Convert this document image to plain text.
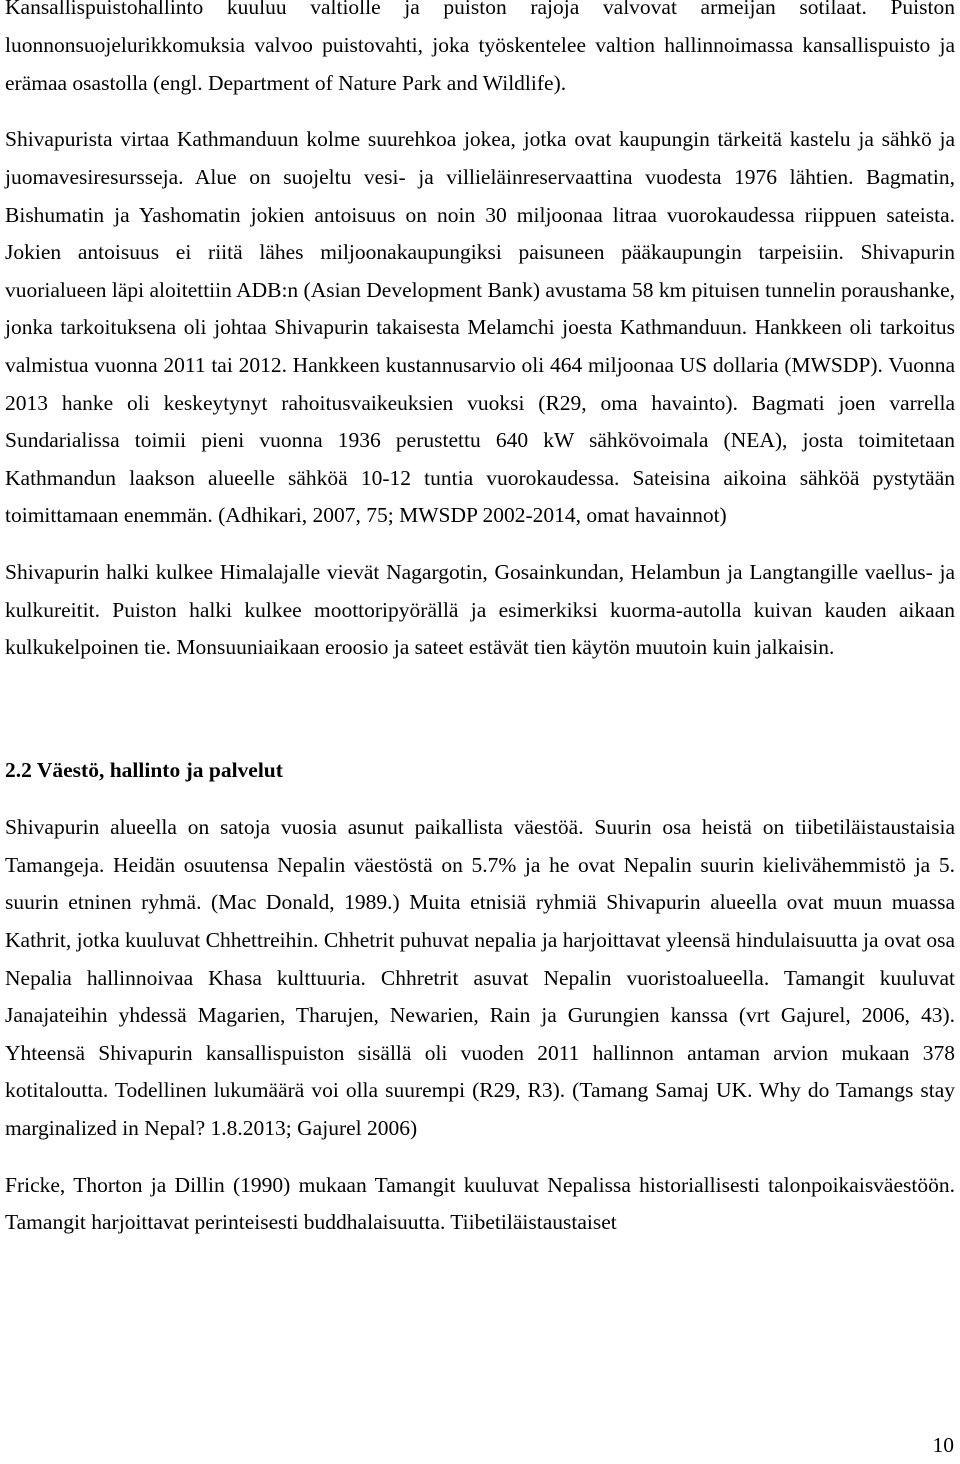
Kansallispuistohallinto kuuluu valtiolle ja puiston rajoja valvovat armeijan sotilaat. Puiston luonnonsuojelurikkomuksia valvoo puistovahti, joka työskentelee valtion hallinnoimassa kansallispuisto ja erämaa osastolla (engl. Department of Nature Park and Wildlife).

Shivapurista virtaa Kathmanduun kolme suurehkoa jokea, jotka ovat kaupungin tärkeitä kastelu ja sähkö ja juomavesiresursseja. Alue on suojeltu vesi- ja villieläinreservaattina vuodesta 1976 lähtien. Bagmatin, Bishumatin ja Yashomatin jokien antoisuus on noin 30 miljoonaa litraa vuorokaudessa riippuen sateista. Jokien antoisuus ei riitä lähes miljoonakaupungiksi paisuneen pääkaupungin tarpeisiin. Shivapurin vuorialueen läpi aloitettiin ADB:n (Asian Development Bank) avustama 58 km pituisen tunnelin poraushanke, jonka tarkoituksena oli johtaa Shivapurin takaisesta Melamchi joesta Kathmanduun. Hankkeen oli tarkoitus valmistua vuonna 2011 tai 2012. Hankkeen kustannusarvio oli 464 miljoonaa US dollaria (MWSDP). Vuonna 2013 hanke oli keskeytynyt rahoitusvaikeuksien vuoksi (R29, oma havainto). Bagmati joen varrella Sundarialissa toimii pieni vuonna 1936 perustettu 640 kW sähkövoimala (NEA), josta toimitetaan Kathmandun laakson alueelle sähköä 10-12 tuntia vuorokaudessa. Sateisina aikoina sähköä pystytään toimittamaan enemmän. (Adhikari, 2007, 75; MWSDP 2002-2014, omat havainnot)

Shivapurin halki kulkee Himalajalle vievät Nagargotin, Gosainkundan, Helambun ja Langtangille vaellus- ja kulkureitit. Puiston halki kulkee moottoripyörällä ja esimerkiksi kuorma-autolla kuivan kauden aikaan kulkukelpoinen tie. Monsuuniaikaan eroosio ja sateet estävät tien käytön muutoin kuin jalkaisin.

2.2 Väestö, hallinto ja palvelut

Shivapurin alueella on satoja vuosia asunut paikallista väestöä. Suurin osa heistä on tiibetiläistaustaisia Tamangeja. Heidän osuutensa Nepalin väestöstä on 5.7% ja he ovat Nepalin suurin kielivähemmistö ja 5. suurin etninen ryhmä. (Mac Donald, 1989.) Muita etnisiä ryhmiä Shivapurin alueella ovat muun muassa Kathrit, jotka kuuluvat Chhettreihin. Chhetrit puhuvat nepalia ja harjoittavat yleensä hindulaisuutta ja ovat osa Nepalia hallinnoivaa Khasa kulttuuria. Chhretrit asuvat Nepalin vuoristoalueella. Tamangit kuuluvat Janajateihin yhdessä Magarien, Tharujen, Newarien, Rain ja Gurungien kanssa (vrt Gajurel, 2006, 43). Yhteensä Shivapurin kansallispuiston sisällä oli vuoden 2011 hallinnon antaman arvion mukaan 378 kotitaloutta. Todellinen lukumäärä voi olla suurempi (R29, R3). (Tamang Samaj UK. Why do Tamangs stay marginalized in Nepal? 1.8.2013; Gajurel 2006)

Fricke, Thorton ja Dillin (1990) mukaan Tamangit kuuluvat Nepalissa historiallisesti talonpoikaisväestöön. Tamangit harjoittavat perinteisesti buddhalaisuutta. Tiibetiläistaustaiset

10
